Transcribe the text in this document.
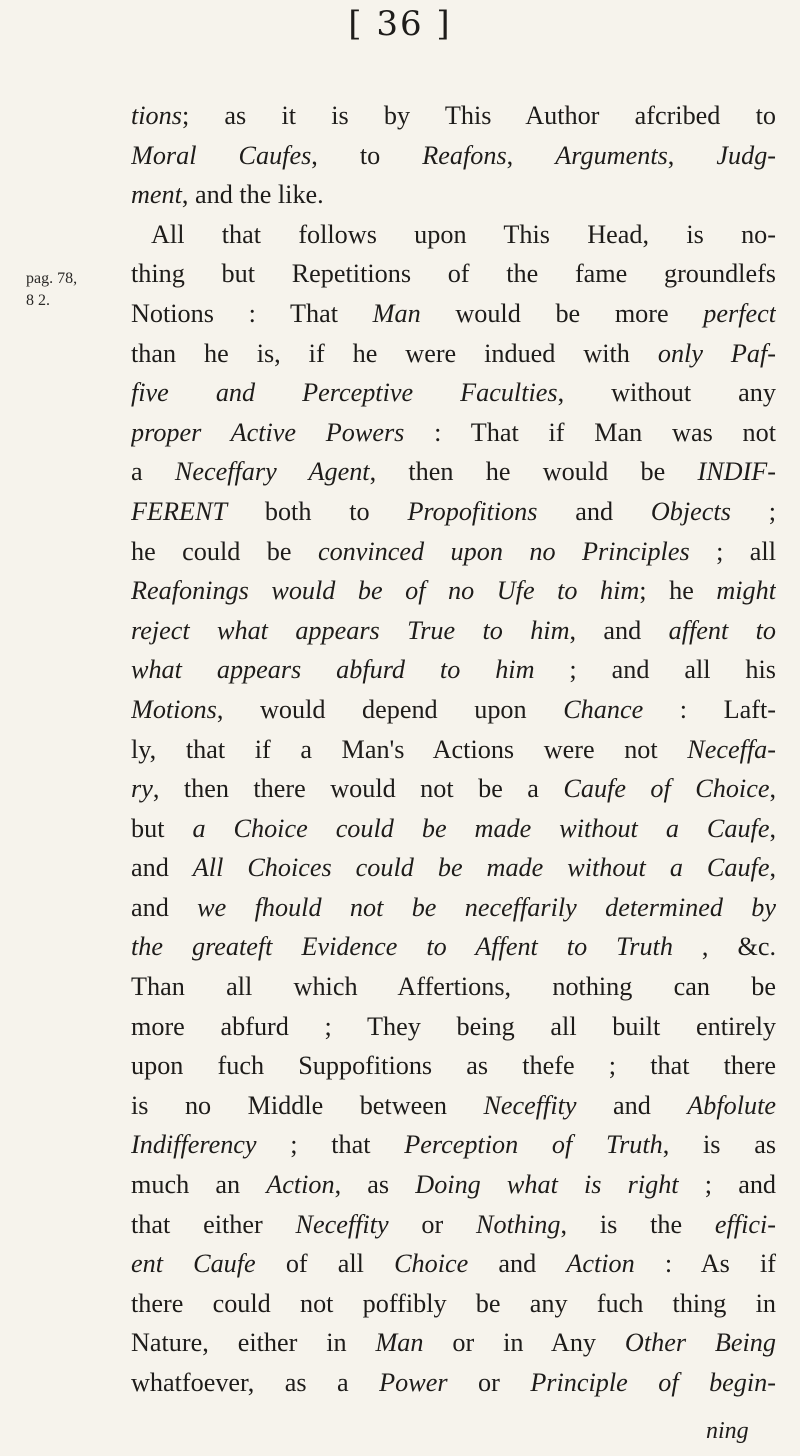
[ 36 ]
pag. 78,
8 2.
tions; as it is by This Author afcribed to
Moral Caufes, to Reafons, Arguments, Judg-
ment, and the like.
All that follows upon This Head, is no-
thing but Repetitions of the fame groundlefs
Notions : That Man would be more perfect
than he is, if he were indued with only Paf-
five and Perceptive Faculties, without any
proper Active Powers : That if Man was not
a Neceffary Agent, then he would be INDIF-
FERENT both to Propofitions and Objects ;
he could be convinced upon no Principles ; all
Reafonings would be of no Ufe to him; he might
reject what appears True to him, and affent to
what appears abfurd to him ; and all his
Motions, would depend upon Chance : Laft-
ly, that if a Man's Actions were not Neceffa-
ry, then there would not be a Caufe of Choice,
but a Choice could be made without a Caufe,
and All Choices could be made without a Caufe,
and we fhould not be neceffarily determined by
the greateft Evidence to Affent to Truth , &c.
Than all which Affertions, nothing can be
more abfurd ; They being all built entirely
upon fuch Suppofitions as thefe ; that there
is no Middle between Neceffity and Abfolute
Indifferency ; that Perception of Truth, is as
much an Action, as Doing what is right ; and
that either Neceffity or Nothing, is the effici-
ent Caufe of all Choice and Action : As if
there could not poffibly be any fuch thing in
Nature, either in Man or in Any Other Being
whatfoever, as a Power or Principle of begin-
ning
